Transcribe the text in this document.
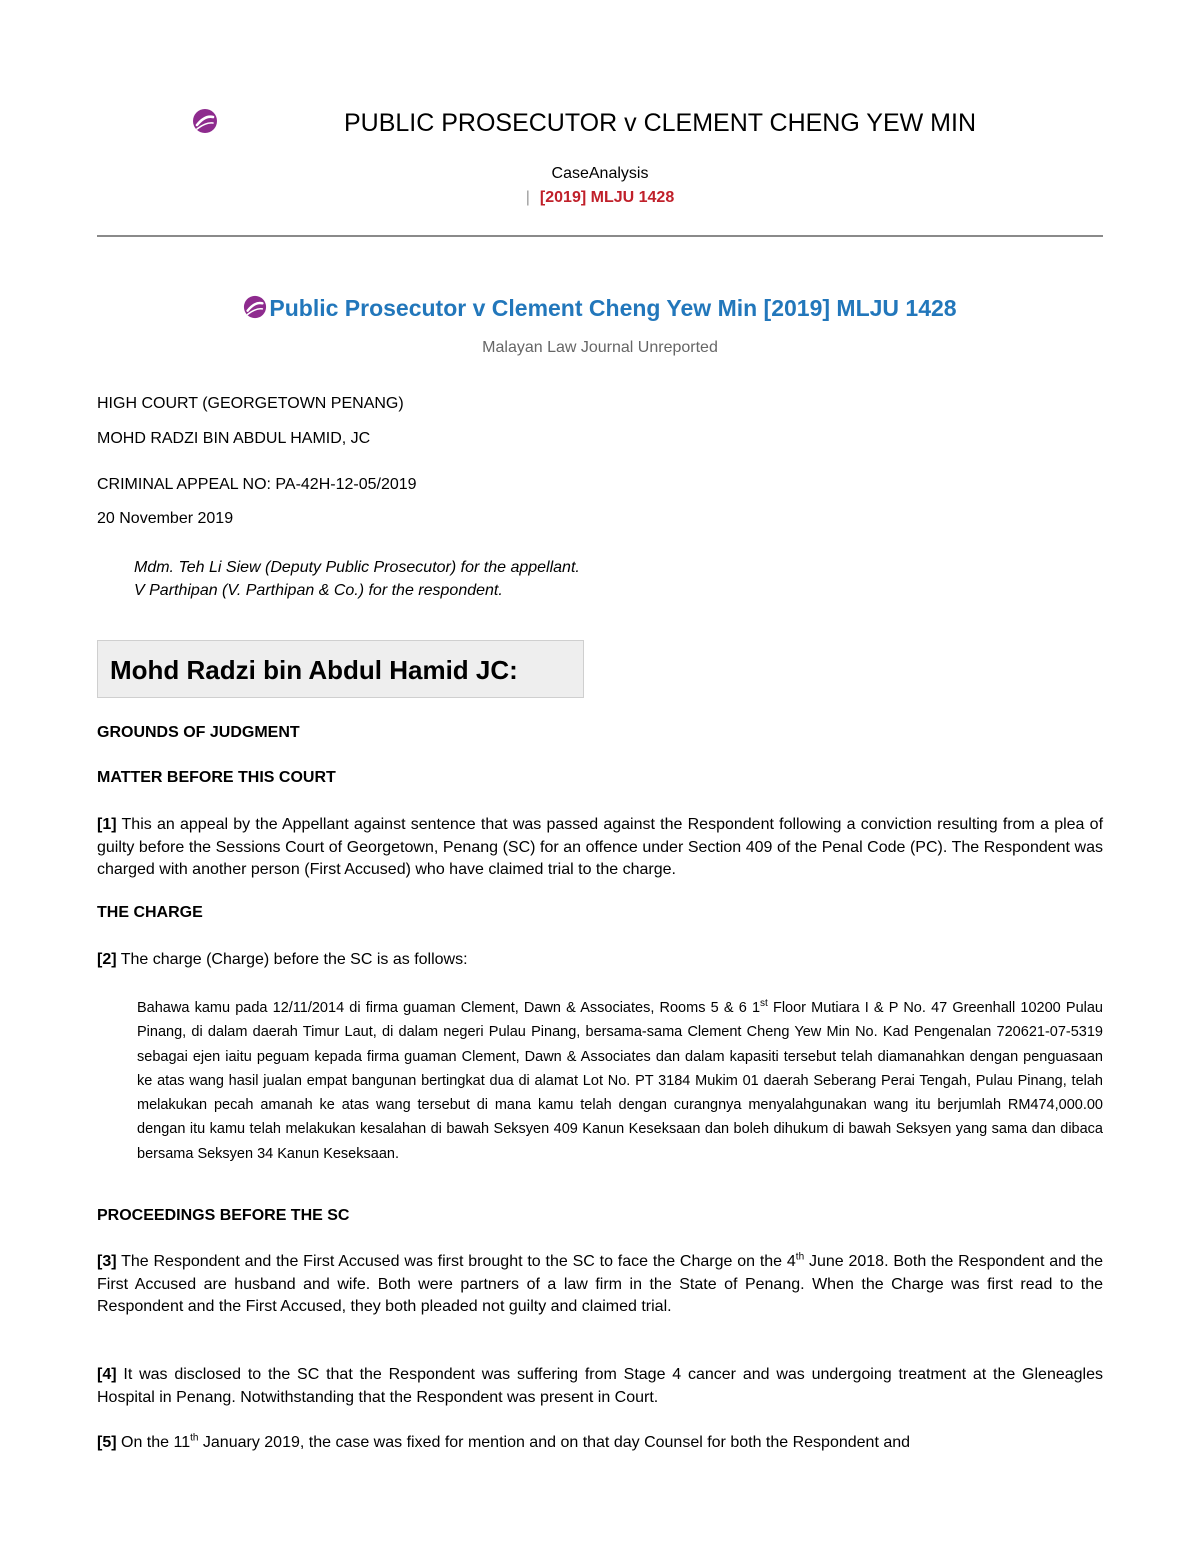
PUBLIC PROSECUTOR v CLEMENT CHENG YEW MIN
CaseAnalysis
| [2019] MLJU 1428
Public Prosecutor v Clement Cheng Yew Min [2019] MLJU 1428
Malayan Law Journal Unreported
HIGH COURT (GEORGETOWN PENANG)
MOHD RADZI BIN ABDUL HAMID, JC
CRIMINAL APPEAL NO: PA-42H-12-05/2019
20 November 2019
Mdm. Teh Li Siew (Deputy Public Prosecutor) for the appellant.
V Parthipan (V. Parthipan & Co.) for the respondent.
Mohd Radzi bin Abdul Hamid JC:
GROUNDS OF JUDGMENT
MATTER BEFORE THIS COURT
[1] This an appeal by the Appellant against sentence that was passed against the Respondent following a conviction resulting from a plea of guilty before the Sessions Court of Georgetown, Penang (SC) for an offence under Section 409 of the Penal Code (PC). The Respondent was charged with another person (First Accused) who have claimed trial to the charge.
THE CHARGE
[2] The charge (Charge) before the SC is as follows:
Bahawa kamu pada 12/11/2014 di firma guaman Clement, Dawn & Associates, Rooms 5 & 6 1st Floor Mutiara I & P No. 47 Greenhall 10200 Pulau Pinang, di dalam daerah Timur Laut, di dalam negeri Pulau Pinang, bersama-sama Clement Cheng Yew Min No. Kad Pengenalan 720621-07-5319 sebagai ejen iaitu peguam kepada firma guaman Clement, Dawn & Associates dan dalam kapasiti tersebut telah diamanahkan dengan penguasaan ke atas wang hasil jualan empat bangunan bertingkat dua di alamat Lot No. PT 3184 Mukim 01 daerah Seberang Perai Tengah, Pulau Pinang, telah melakukan pecah amanah ke atas wang tersebut di mana kamu telah dengan curangnya menyalahgunakan wang itu berjumlah RM474,000.00 dengan itu kamu telah melakukan kesalahan di bawah Seksyen 409 Kanun Keseksaan dan boleh dihukum di bawah Seksyen yang sama dan dibaca bersama Seksyen 34 Kanun Keseksaan.
PROCEEDINGS BEFORE THE SC
[3] The Respondent and the First Accused was first brought to the SC to face the Charge on the 4th June 2018. Both the Respondent and the First Accused are husband and wife. Both were partners of a law firm in the State of Penang. When the Charge was first read to the Respondent and the First Accused, they both pleaded not guilty and claimed trial.
[4] It was disclosed to the SC that the Respondent was suffering from Stage 4 cancer and was undergoing treatment at the Gleneagles Hospital in Penang. Notwithstanding that the Respondent was present in Court.
[5] On the 11th January 2019, the case was fixed for mention and on that day Counsel for both the Respondent and
